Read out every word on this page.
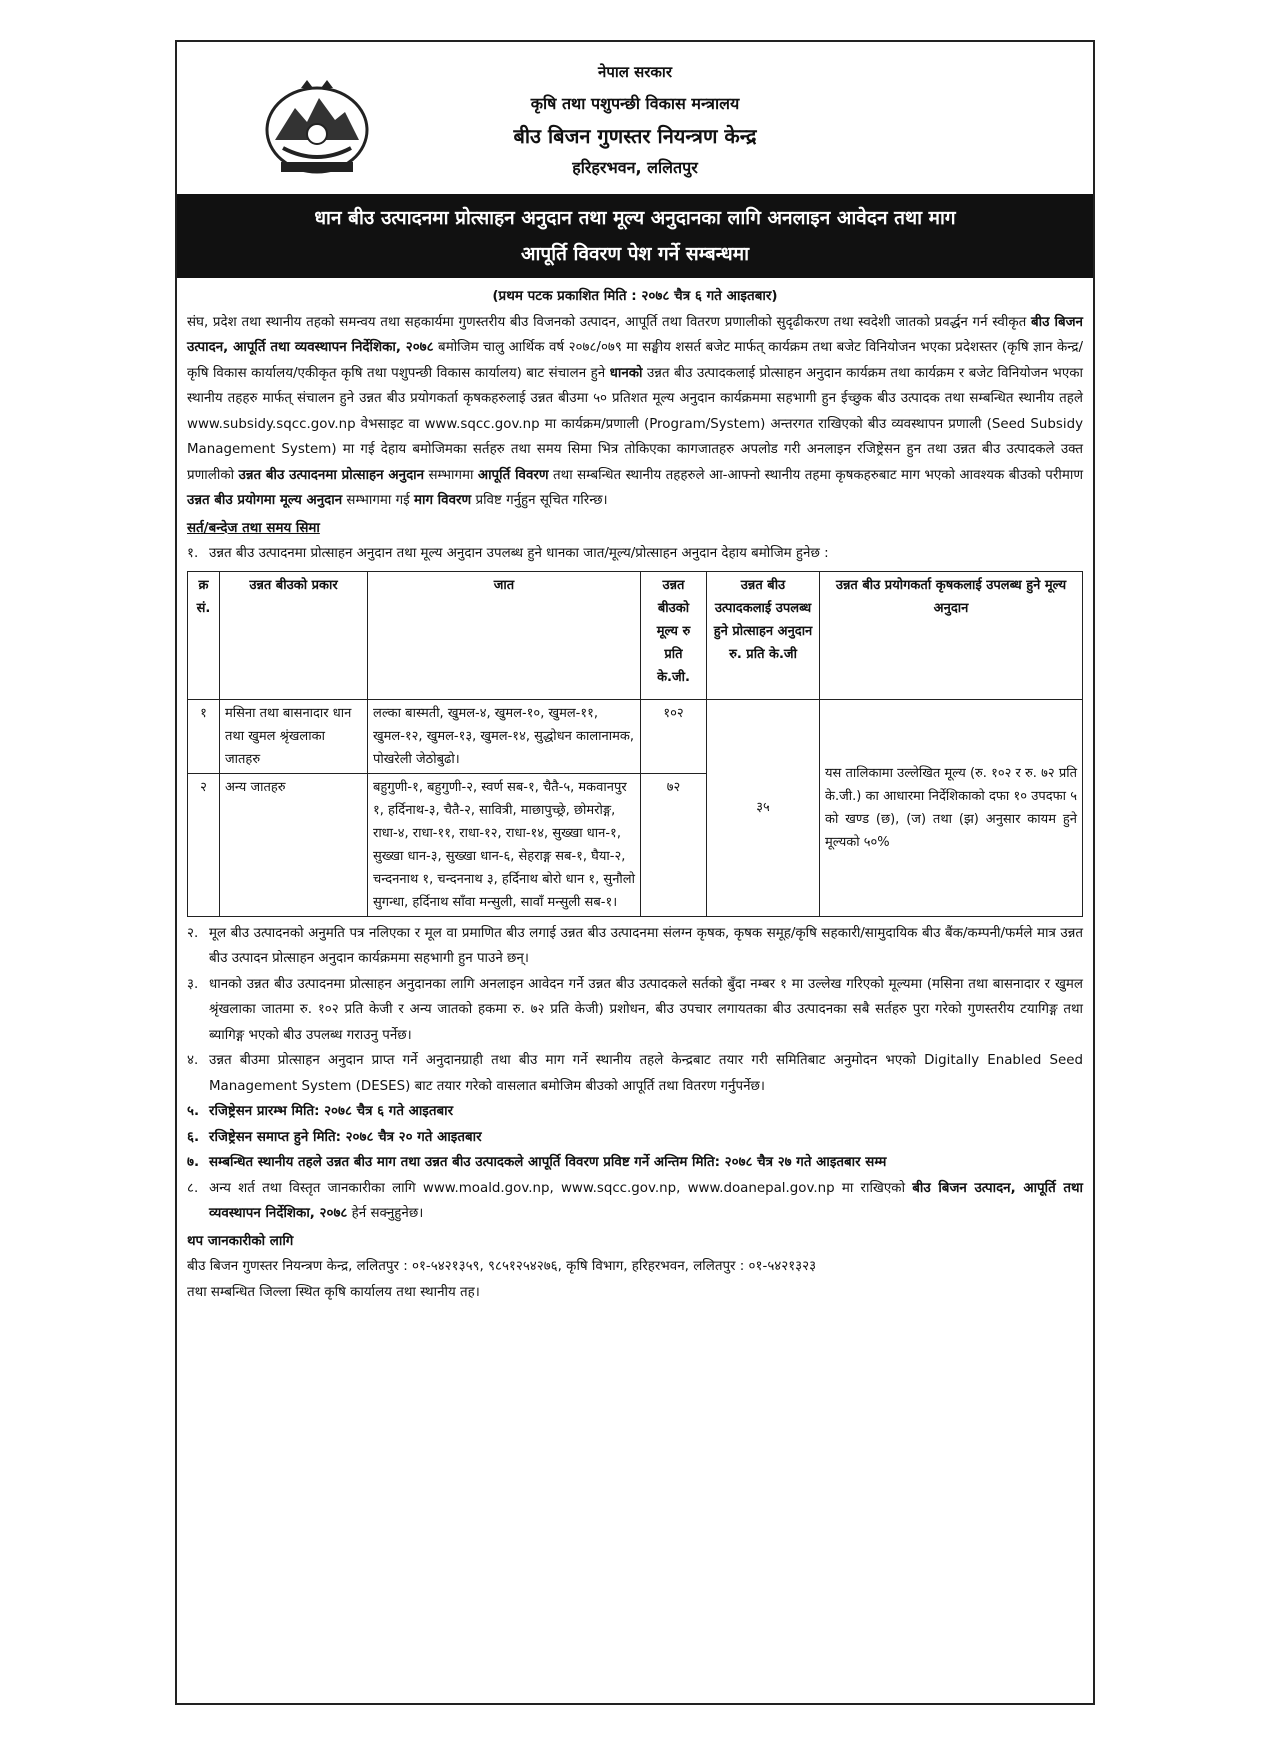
नेपाल सरकार
कृषि तथा पशुपन्छी विकास मन्त्रालय
बीउ बिजन गुणस्तर नियन्त्रण केन्द्र
हरिहरभवन, ललितपुर
धान बीउ उत्पादनमा प्रोत्साहन अनुदान तथा मूल्य अनुदानका लागि अनलाइन आवेदन तथा माग
आपूर्ति विवरण पेश गर्ने सम्बन्धमा
(प्रथम पटक प्रकाशित मिति : २०७८ चैत्र ६ गते आइतबार)

संघ, प्रदेश तथा स्थानीय तहको समन्वय तथा सहकार्यमा गुणस्तरीय बीउ विजनको उत्पादन, आपूर्ति तथा वितरण प्रणालीको सुदृढीकरण तथा स्वदेशी जातको प्रवर्द्धन गर्न स्वीकृत बीउ बिजन उत्पादन, आपूर्ति तथा व्यवस्थापन निर्देशिका, २०७८ बमोजिम चालु आर्थिक वर्ष २०७८/०७९ मा सङ्घीय शसर्त बजेट मार्फत् कार्यक्रम तथा बजेट विनियोजन भएका प्रदेशस्तर (कृषि ज्ञान केन्द्र/कृषि विकास कार्यालय/एकीकृत कृषि तथा पशुपन्छी विकास कार्यालय) बाट संचालन हुने धानको उन्नत बीउ उत्पादकलाई प्रोत्साहन अनुदान कार्यक्रम तथा कार्यक्रम र बजेट विनियोजन भएका स्थानीय तहहरु मार्फत् संचालन हुने उन्नत बीउ प्रयोगकर्ता कृषकहरुलाई उन्नत बीउमा ५० प्रतिशत मूल्य अनुदान कार्यक्रममा सहभागी हुन ईच्छुक बीउ उत्पादक तथा सम्बन्धित स्थानीय तहले www.subsidy.sqcc.gov.np वेभसाइट वा www.sqcc.gov.np मा कार्यक्रम/प्रणाली (Program/System) अन्तरगत राखिएको बीउ व्यवस्थापन प्रणाली (Seed Subsidy Management System) मा गई देहाय बमोजिमका सर्तहरु तथा समय सिमा भित्र तोकिएका कागजातहरु अपलोड गरी अनलाइन रजिष्ट्रेसन हुन तथा उन्नत बीउ उत्पादकले उक्त प्रणालीको उन्नत बीउ उत्पादनमा प्रोत्साहन अनुदान सम्भागमा आपूर्ति विवरण तथा सम्बन्धित स्थानीय तहहरुले आ-आफ्नो स्थानीय तहमा कृषकहरुबाट माग भएको आवश्यक बीउको परीमाण उन्नत बीउ प्रयोगमा मूल्य अनुदान सम्भागमा गई माग विवरण प्रविष्ट गर्नुहुन सूचित गरिन्छ।

सर्त/बन्देज तथा समय सिमा
१. उन्नत बीउ उत्पादनमा प्रोत्साहन अनुदान तथा मूल्य अनुदान उपलब्ध हुने धानका जात/मूल्य/प्रोत्साहन अनुदान देहाय बमोजिम हुनेछ :
क्र सं.	उन्नत बीउको प्रकार	जात	उन्नत बीउको मूल्य रु प्रति के.जी.	उन्नत बीउ उत्पादकलाई उपलब्ध हुने प्रोत्साहन अनुदान रु. प्रति के.जी	उन्नत बीउ प्रयोगकर्ता कृषकलाई उपलब्ध हुने मूल्य अनुदान
१	मसिना तथा बासनादार धान तथा खुमल श्रृंखलाका जातहरु	लल्का बास्मती, खुमल-४, खुमल-१०, खुमल-११, खुमल-१२, खुमल-१३, खुमल-१४, सुद्धोधन कालानामक, पोखरेली जेठोबुढो।	१०२	३५	यस तालिकामा उल्लेखित मूल्य (रु. १०२ र रु. ७२ प्रति के.जी.) का आधारमा निर्देशिकाको दफा १० उपदफा ५ को खण्ड (छ), (ज) तथा (झ) अनुसार कायम हुने मूल्यको ५०%
२	अन्य जातहरु	बहुगुणी-१, बहुगुणी-२, स्वर्ण सब-१, चैतै-५, मकवानपुर १, हर्दिनाथ-३, चैतै-२, सावित्री, माछापुच्छ्रे, छोमरोङ्ग, राधा-४, राधा-११, राधा-१२, राधा-१४, सुख्खा धान-१, सुख्खा धान-३, सुख्खा धान-६, सेहराङ्ग सब-१, घैया-२, चन्दननाथ १, चन्दननाथ ३, हर्दिनाथ बोरो धान १, सुनौलो सुगन्धा, हर्दिनाथ साँवा मन्सुली, सावाँ मन्सुली सब-१।	७२		
२. मूल बीउ उत्पादनको अनुमति पत्र नलिएका र मूल वा प्रमाणित बीउ लगाई उन्नत बीउ उत्पादनमा संलग्न कृषक, कृषक समूह/कृषि सहकारी/सामुदायिक बीउ बैंक/कम्पनी/फर्मले मात्र उन्नत बीउ उत्पादन प्रोत्साहन अनुदान कार्यक्रममा सहभागी हुन पाउने छन्।
३. धानको उन्नत बीउ उत्पादनमा प्रोत्साहन अनुदानका लागि अनलाइन आवेदन गर्ने उन्नत बीउ उत्पादकले सर्तको बुँदा नम्बर १ मा उल्लेख गरिएको मूल्यमा (मसिना तथा बासनादार र खुमल श्रृंखलाका जातमा रु. १०२ प्रति केजी र अन्य जातको हकमा रु. ७२ प्रति केजी) प्रशोधन, बीउ उपचार लगायतका बीउ उत्पादनका सबै सर्तहरु पुरा गरेको गुणस्तरीय टयागिङ्ग तथा ब्यागिङ्ग भएको बीउ उपलब्ध गराउनु पर्नेछ।
४. उन्नत बीउमा प्रोत्साहन अनुदान प्राप्त गर्ने अनुदानग्राही तथा बीउ माग गर्ने स्थानीय तहले केन्द्रबाट तयार गरी समितिबाट अनुमोदन भएको Digitally Enabled Seed Management System (DESES) बाट तयार गरेको वासलात बमोजिम बीउको आपूर्ति तथा वितरण गर्नुपर्नेछ।
५. रजिष्ट्रेसन प्रारम्भ मिति: २०७८ चैत्र ६ गते आइतबार
६. रजिष्ट्रेसन समाप्त हुने मिति: २०७८ चैत्र २० गते आइतबार
७. सम्बन्धित स्थानीय तहले उन्नत बीउ माग तथा उन्नत बीउ उत्पादकले आपूर्ति विवरण प्रविष्ट गर्ने अन्तिम मिति: २०७८ चैत्र २७ गते आइतबार सम्म
८. अन्य शर्त तथा विस्तृत जानकारीका लागि www.moald.gov.np, www.sqcc.gov.np, www.doanepal.gov.np मा राखिएको बीउ बिजन उत्पादन, आपूर्ति तथा व्यवस्थापन निर्देशिका, २०७८ हेर्न सक्नुहुनेछ।
थप जानकारीको लागि
बीउ बिजन गुणस्तर नियन्त्रण केन्द्र, ललितपुर : ०१-५४२१३५९, ९८५१२५४२७६, कृषि विभाग, हरिहरभवन, ललितपुर : ०१-५४२१३२३
तथा सम्बन्धित जिल्ला स्थित कृषि कार्यालय तथा स्थानीय तह।
